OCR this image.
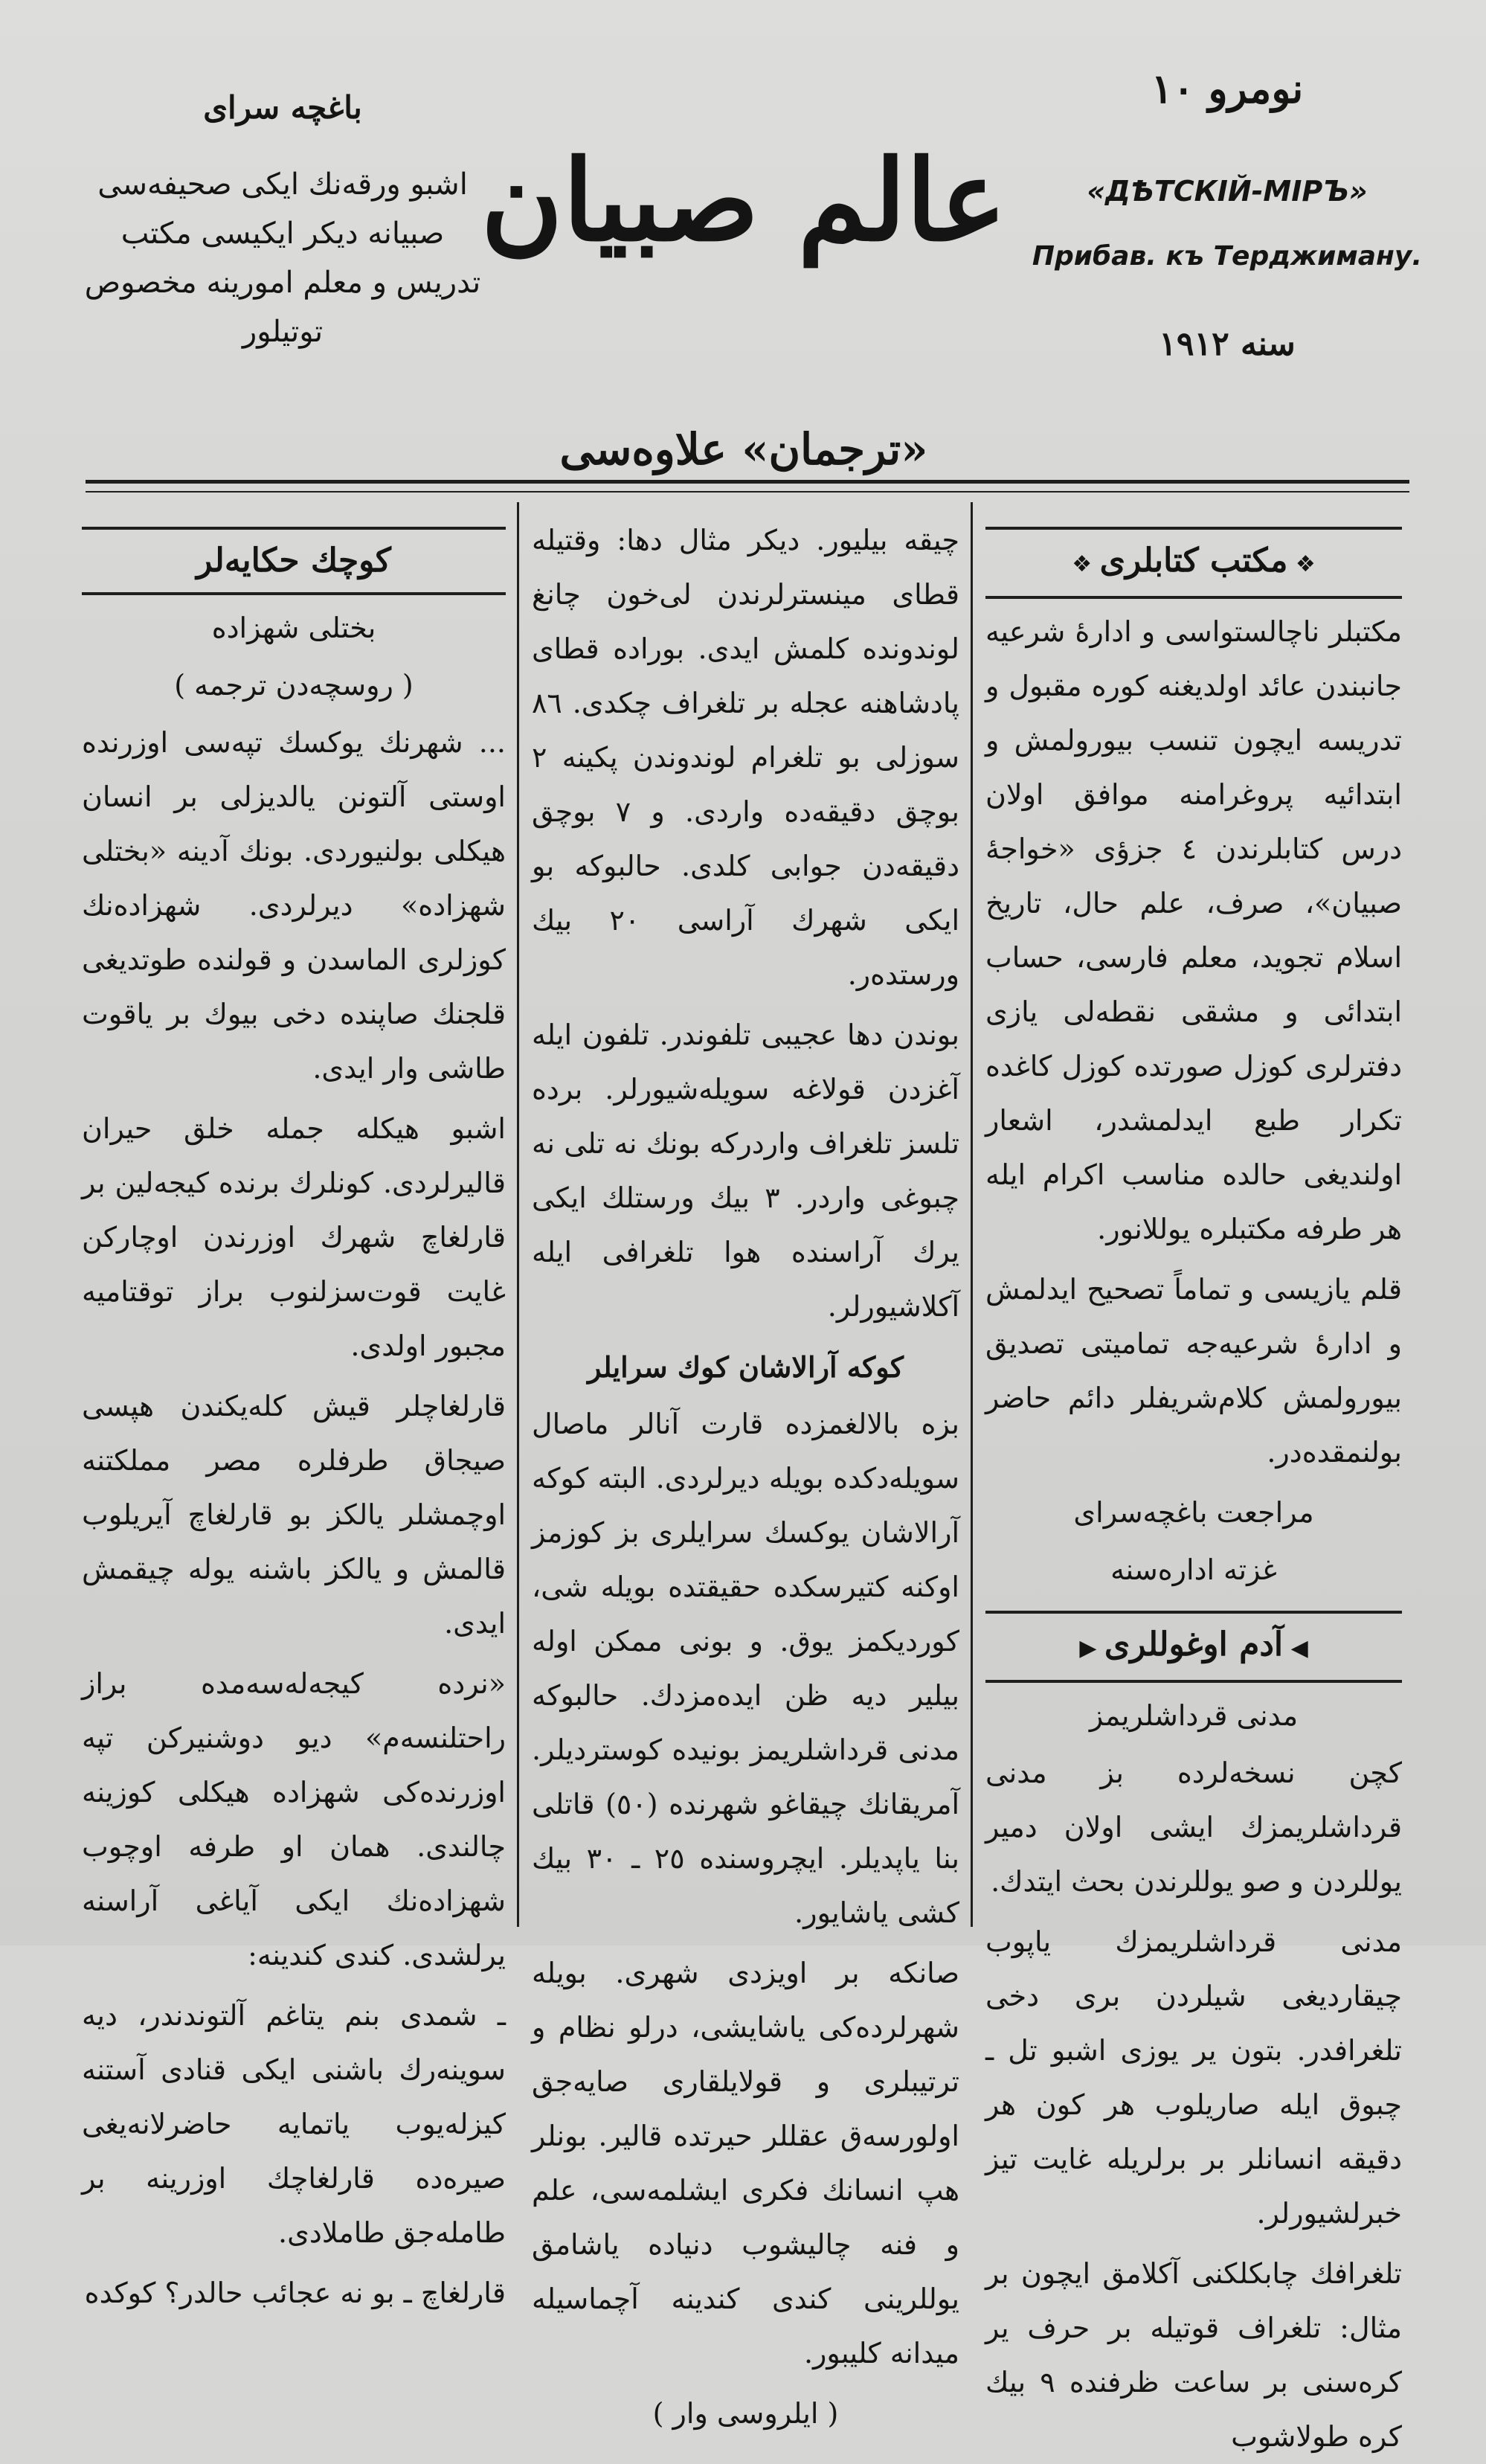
نومرو ١٠
«ДѢТСКIЙ-МIРЪ»
Прибав. къ Терджиману.
سنه ١٩١٢
عالم صبیان
«ترجمان» علاوه‌سی
باغچه سرای
اشبو ورقه‌نك ایكی صحیفه‌سی
صبیانه دیكر ایكیسی مكتب
تدریس و معلم امورینه مخصوص
توتیلور

❖ مكتب كتابلری ❖

مكتبلر ناچالستواسی و ادارهٔ شرعیه جانبندن عائد اولدیغنه كوره مقبول و تدریسه ایچون تنسب بیورولمش و ابتدائیه پروغرامنه موافق اولان درس كتابلرندن ٤ جزؤی «خواجهٔ صبیان»، صرف، علم حال، تاریخ اسلام تجوید، معلم فارسی، حساب ابتدائی و مشقی نقطه‌لی یازی دفترلری كوزل صورتده كوزل كاغده تكرار طبع ایدلمشدر، اشعار اولندیغی حالده مناسب اكرام ایله هر طرفه مكتبلره یوللانور.

قلم یازیسی و تماماً تصحیح ایدلمش و ادارهٔ شرعیه‌جه تمامیتی تصدیق بیورولمش كلام‌شریفلر دائم حاضر بولنمقده‌در.

مراجعت باغچه‌سرای

غزته اداره‌سنه

◀ آدم اوغوللری ▶

مدنی قرداشلریمز

كچن نسخه‌لرده بز مدنی قرداشلریمزك ایشی اولان دمیر یوللردن و صو یوللرندن بحث ایتدك.

مدنی قرداشلریمزك یاپوب چیقاردیغی شیلردن بری دخی تلغرافدر. بتون یر یوزی اشبو تل ـ چبوق ایله صاریلوب هر كون هر دقیقه انسانلر بر برلریله غایت تیز خبرلشیورلر.

تلغرافك چابكلكنی آكلامق ایچون بر مثال: تلغراف قوتیله بر حرف یر كره‌سنی بر ساعت ظرفنده ٩ بیك كره طولاشوب

چیقه بیلیور. دیكر مثال دها: وقتیله قطای مینسترلرندن لی‌خون چانغ لوندونده كلمش ایدی. بوراده قطای پادشاهنه عجله بر تلغراف چكدی. ٨٦ سوزلی بو تلغرام لوندوندن پكینه ٢ بوچق دقیقه‌ده واردی. و ٧ بوچق دقیقه‌دن جوابی كلدی. حالبوكه بو ایكی شهرك آراسی ٢٠ بیك ورستده‌ر.

بوندن دها عجیبی تلفوندر. تلفون ایله آغزدن قولاغه سویله‌شیورلر. برده تلسز تلغراف واردركه بونك نه تلی نه چبوغی واردر. ٣ بیك ورستلك ایكی یرك آراسنده هوا تلغرافی ایله آكلاشیورلر.

كوكه آرالاشان كوك سرایلر

بزه بالالغمزده قارت آنالر ماصال سویله‌دكده بویله دیرلردی. البته كوكه آرالاشان یوكسك سرایلری بز كوزمز اوكنه كتیرسكده حقیقتده بویله شی، كوردیكمز یوق. و بونی ممكن اوله بیلیر دیه ظن ایده‌مزدك. حالبوكه مدنی قرداشلریمز بونیده كوستردیلر. آمریقانك چیقاغو شهرنده (٥٠) قاتلی بنا یاپدیلر. ایچروسنده ٢٥ ـ ٣٠ بیك كشی یاشایور.

صانكه بر اویزدی شهری. بویله شهرلرده‌كی یاشایشی، درلو نظام و ترتیبلری و قولایلقاری صایه‌جق اولورسه‌ق عقللر حیرتده قالیر. بونلر هپ انسانك فكری ایشلمه‌سی، علم و فنه چالیشوب دنیاده یاشامق یوللرینی كندی كندینه آچماسیله میدانه كلیبور.

( ایلروسی وار )

كوچك حكایه‌لر

بختلی شهزاده

( روسچه‌دن ترجمه )

... شهرنك یوكسك تپه‌سی اوزرنده اوستی آلتونن یالدیزلی بر انسان هیكلی بولنیوردی. بونك آدینه «بختلی شهزاده» دیرلردی. شهزاده‌نك كوزلری الماسدن و قولنده طوتدیغی قلجنك صاپنده دخی بیوك بر یاقوت طاشی وار ایدی.

اشبو هیكله جمله خلق حیران قالیرلردی. كونلرك برنده كیجه‌لین بر قارلغاچ شهرك اوزرندن اوچاركن غایت قوت‌سزلنوب براز توقتامیه مجبور اولدی.

قارلغاچلر قیش كله‌یكندن هپسی صیجاق طرفلره مصر مملكتنه اوچمشلر یالكز بو قارلغاچ آیریلوب قالمش و یالكز باشنه یوله چیقمش ایدی.

«نرده كیجه‌له‌سه‌مده براز راحتلنسه‌م» دیو دوشنیركن تپه اوزرنده‌كی شهزاده هیكلی كوزینه چالندی. همان او طرفه اوچوب شهزاده‌نك ایكی آیاغی آراسنه یرلشدی. كندی كندینه:

ـ شمدی بنم یتاغم آلتوندندر، دیه سوینه‌رك باشنی ایكی قنادی آستنه كیزله‌یوب یاتمایه حاضرلانه‌یغی صیره‌ده قارلغاچك اوزرینه بر طامله‌جق طاملادی.

قارلغاچ ـ بو نه عجائب حالدر؟ كوكده
